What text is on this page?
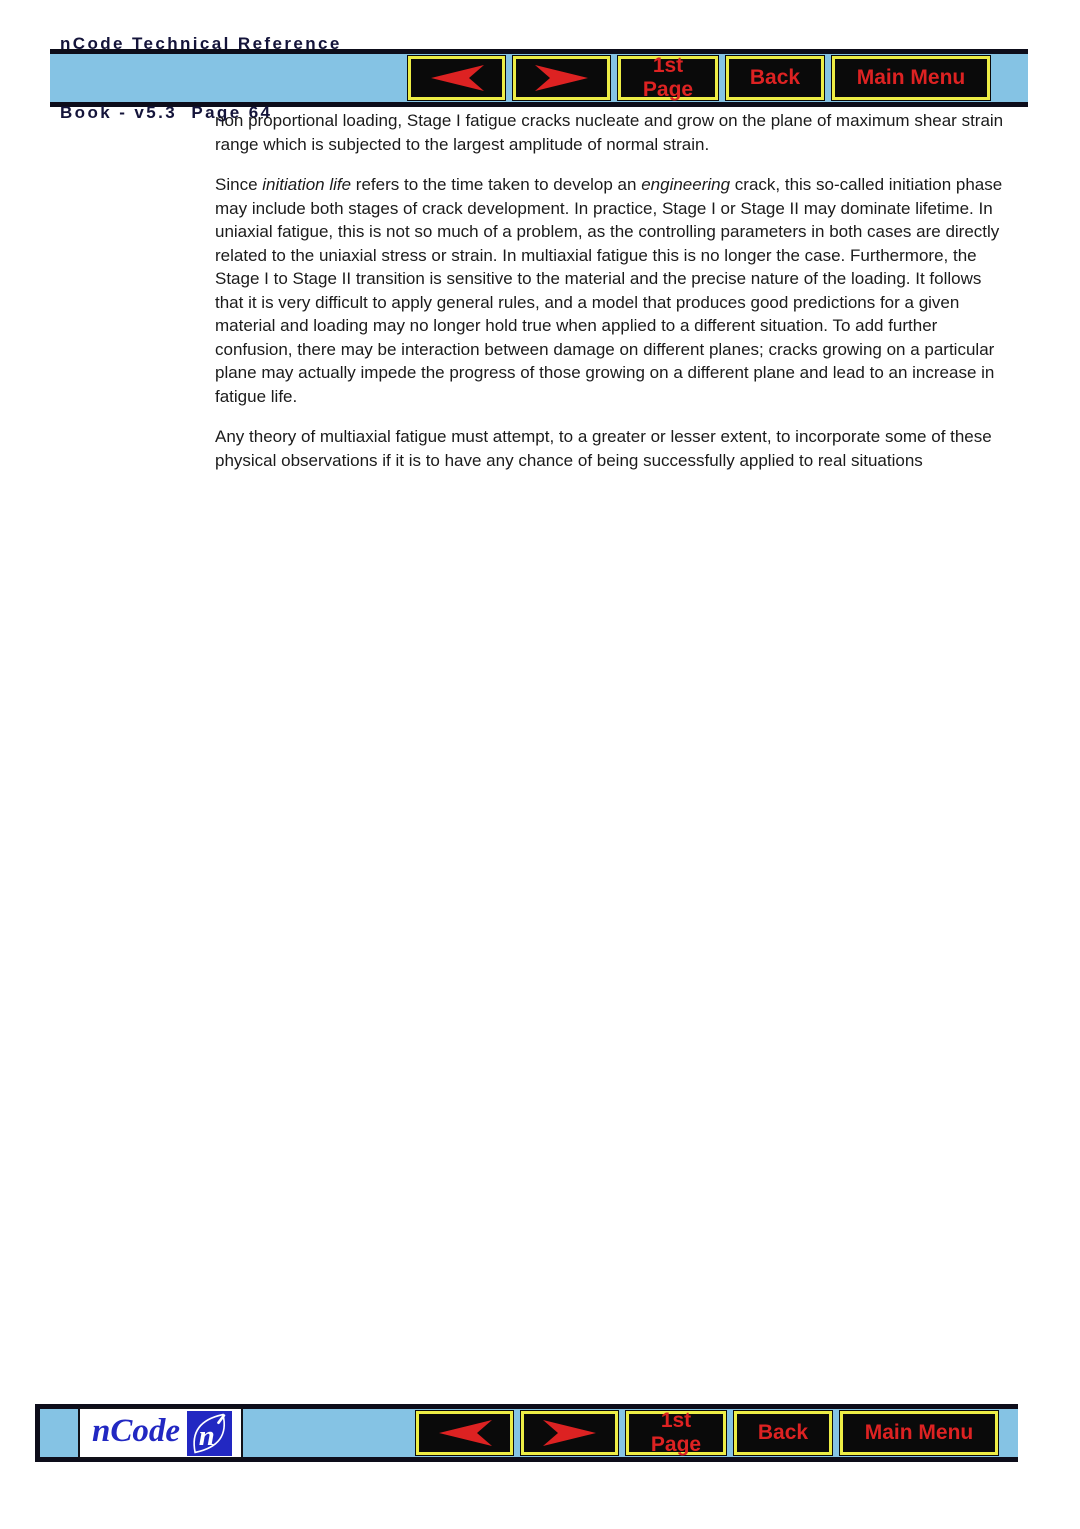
nCode Technical Reference

Book - v5.3  Page 64

1st Page
Back	Main Menu

non proportional loading, Stage I fatigue cracks nucleate and grow on the plane of maximum shear strain range which is subjected to the largest amplitude of normal strain.

Since initiation life refers to the time taken to develop an engineering crack, this so-called initiation phase may include both stages of crack development. In practice, Stage I or Stage II may dominate lifetime. In uniaxial fatigue, this is not so much of a problem, as the controlling parameters in both cases are directly related to the uniaxial stress or strain. In multiaxial fatigue this is no longer the case. Furthermore, the Stage I to Stage II transition is sensitive to the material and the precise nature of the loading. It follows that it is very difficult to apply general rules, and a model that produces good predictions for a given material and loading may no longer hold true when applied to a different situation. To add further confusion, there may be interaction between damage on different planes; cracks growing on a particular plane may actually impede the progress of those growing on a different plane and lead to an increase in fatigue life.

Any theory of multiaxial fatigue must attempt, to a greater or lesser extent, to incorporate some of these physical observations if it is to have any chance of being successfully applied to real situations

nCode n	1st Page
Back	Main Menu
